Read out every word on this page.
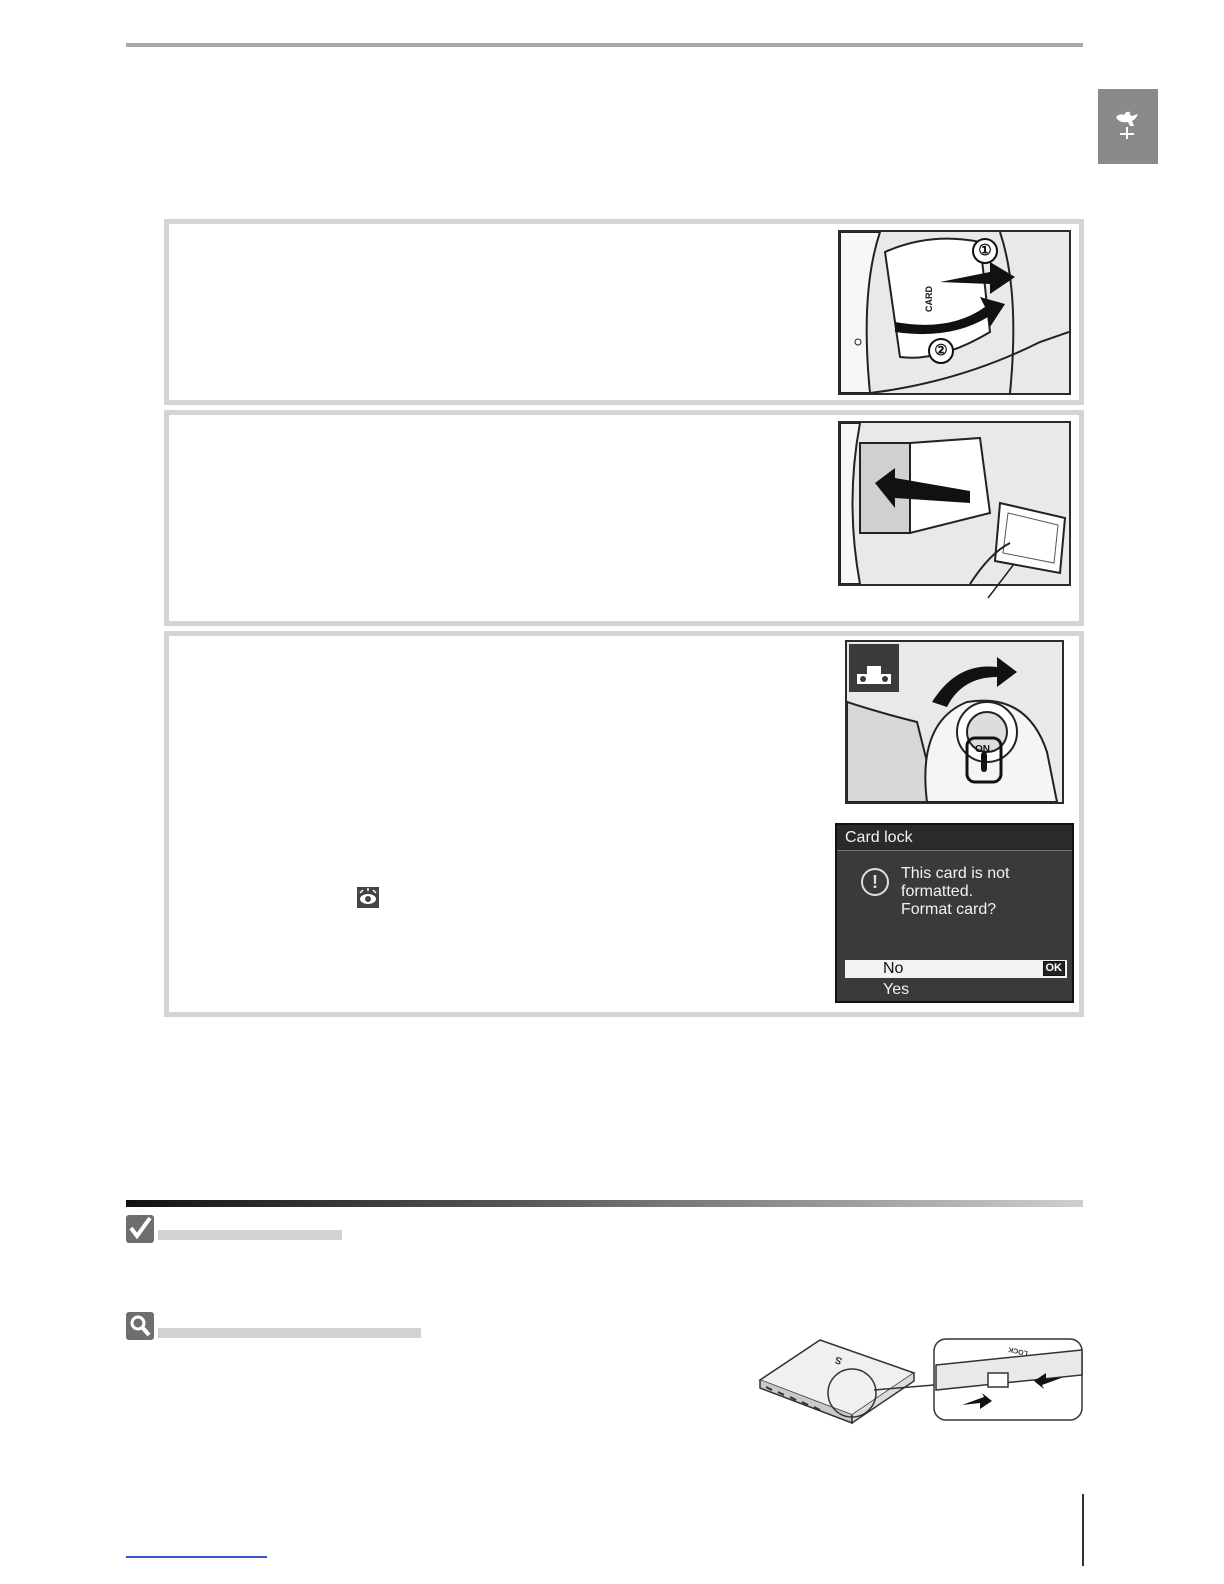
CARD
①
②
ON
Card lock
!	This card is not
formatted.
Format card?
No	OK
Yes
S
LOCK
